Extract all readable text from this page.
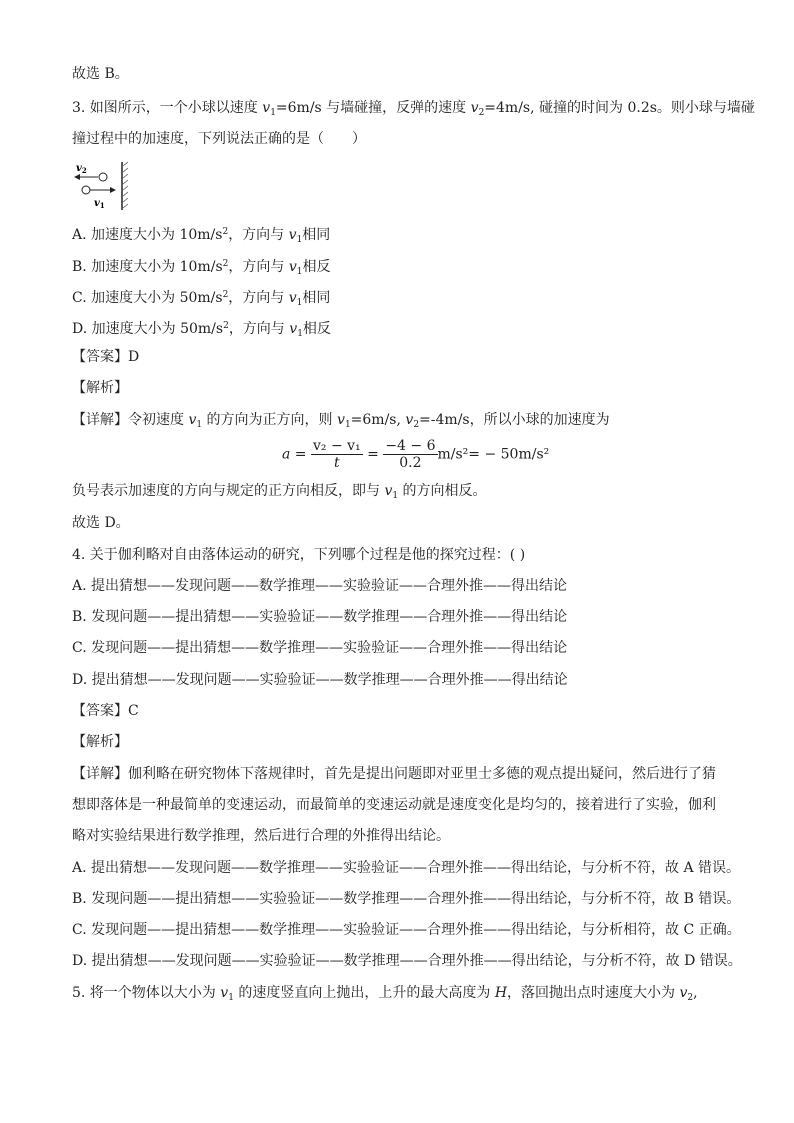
故选 B。
3. 如图所示，一个小球以速度 $v_1=6m/s$ 与墙碰撞，反弹的速度 $v_2=4m/s$, 碰撞的时间为 0.2s。则小球与墙碰
撞过程中的加速度，下列说法正确的是（　　）
$v_2$
$v_1$
A. 加速度大小为 $10m/s^2$，方向与 $v_1$相同
B. 加速度大小为 $10m/s^2$，方向与 $v_1$相反
C. 加速度大小为 $50m/s^2$，方向与 $v_1$相同
D. 加速度大小为 $50m/s^2$，方向与 $v_1$相反
【答案】D
【解析】
【详解】令初速度 $v_1$ 的方向为正方向，则 $v_1=6m/s$, $v_2=-4m/s$，所以小球的加速度为
$a = \frac{\text{v₂ − v₁}}{t} = \frac{-4 - 6}{0.2} m/s^2= - 50m/s^2$
负号表示加速度的方向与规定的正方向相反，即与 $v_1$ 的方向相反。
故选 D。
4. 关于伽利略对自由落体运动的研究，下列哪个过程是他的探究过程：( )
A. 提出猜想——发现问题——数学推理——实验验证——合理外推——得出结论
B. 发现问题——提出猜想——实验验证——数学推理——合理外推——得出结论
C. 发现问题——提出猜想——数学推理——实验验证——合理外推——得出结论
D. 提出猜想——发现问题——实验验证——数学推理——合理外推——得出结论
【答案】C
【解析】
【详解】伽利略在研究物体下落规律时，首先是提出问题即对亚里士多德的观点提出疑问，然后进行了猜
想即落体是一种最简单的变速运动，而最简单的变速运动就是速度变化是均匀的，接着进行了实验，伽利
略对实验结果进行数学推理，然后进行合理的外推得出结论。
A. 提出猜想——发现问题——数学推理——实验验证——合理外推——得出结论，与分析不符，故 A 错误。
B. 发现问题——提出猜想——实验验证——数学推理——合理外推——得出结论，与分析不符，故 B 错误。
C. 发现问题——提出猜想——数学推理——实验验证——合理外推——得出结论，与分析相符，故 C 正确。
D. 提出猜想——发现问题——实验验证——数学推理——合理外推——得出结论，与分析不符，故 D 错误。
5. 将一个物体以大小为 $v_1$ 的速度竖直向上抛出，上升的最大高度为 H，落回抛出点时速度大小为 $v_2$,
